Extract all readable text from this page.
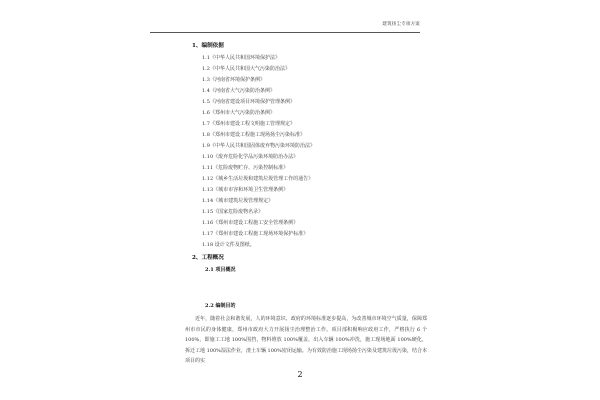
建筑扬尘专项方案
1、编制依据
1.1《中华人民共和国环境保护法》
1.2《中华人民共和国大气污染防治法》
1.3《河南省环境保护条例》
1.4《河南省大气污染防治条例》
1.5《河南省建设项目环境保护管理条例》
1.6《郑州市大气污染防治条例》
1.7《郑州市建设工程文明施工管理规定》
1.8《郑州市建设工程施工现场扬尘污染标准》
1.9《中华人民共和国固体废弃物污染环境防治法》
1.10《废弃危险化学品污染环境防治办法》
1.11《危险废物贮存、污染控制标准》
1.12《城乡生活垃圾和建筑垃圾管理工作的通告》
1.13《城市市容和环境卫生管理条例》
1.14《城市建筑垃圾管理规定》
1.15《国家危险废物名录》
1.16《郑州市建设工程施工安全管理条例》
1.17《郑州市建设工程施工现场环境保护标准》
1.18 设计文件及图纸。
2、工程概况
2.1 项目概况
2.2 编制目的
近年，随着社会和谐发展，人的环境意识、政府的环境标准逐步提高，为改善城市环境空气质量，保障郑州市市民的身体健康，郑州市政府大力开展扬尘治理整治工作。项目部积极响应政府工作，严格执行 6 个 100%，即施工工地 100%围挡，物料堆放 100%覆盖，出入车辆 100%冲洗，施工现场地面 100%硬化，拆迁工地 100%湿法作业，渣土车辆 100%密闭运输。为有效防治施工现场扬尘污染及建筑垃圾污染，结合本项目的实
2
